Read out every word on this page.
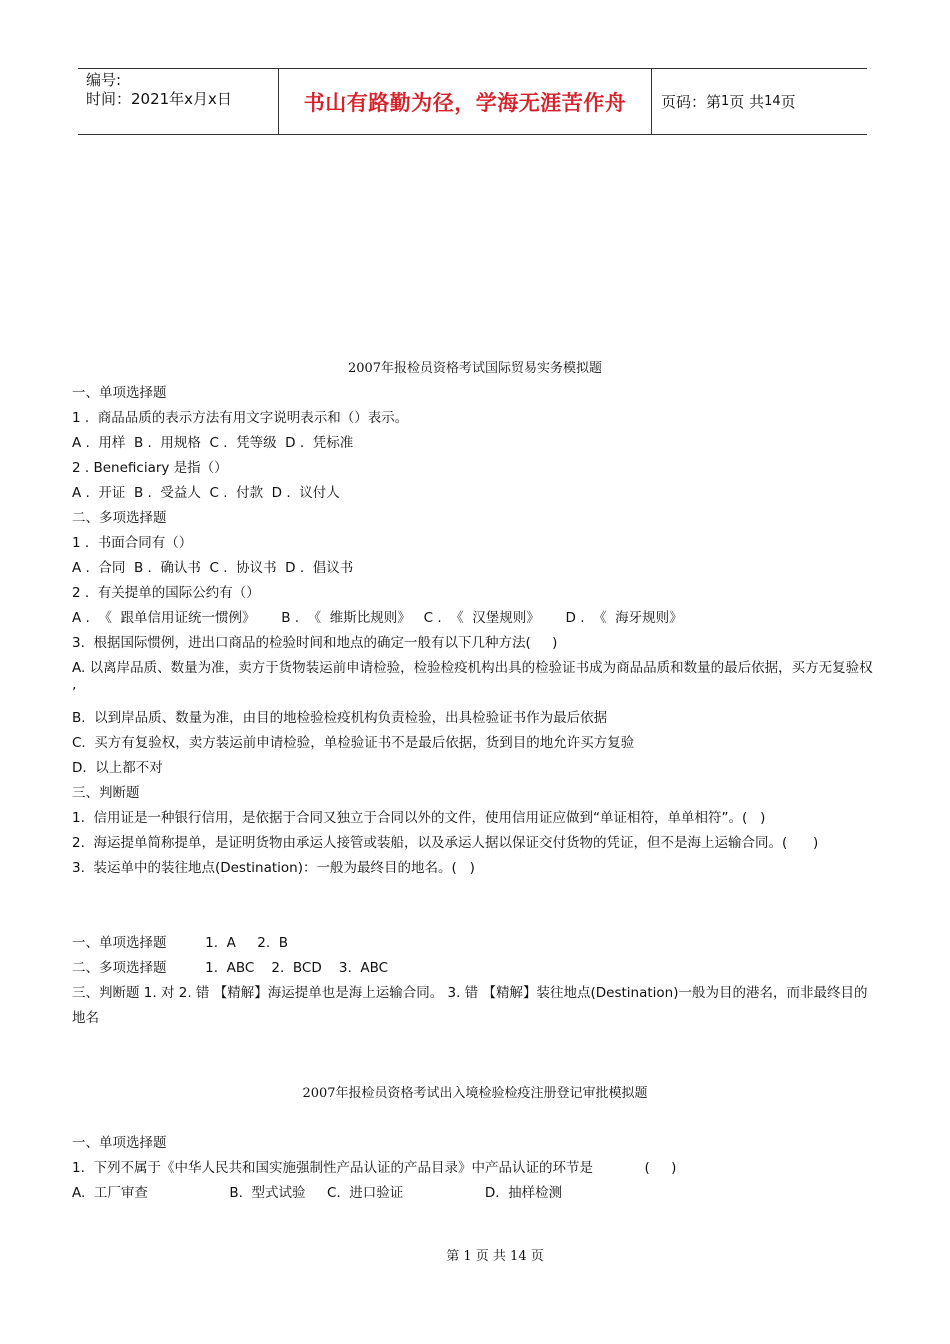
编号:
时间：2021年x月x日	书山有路勤为径，学海无涯苦作舟 页码：第 1 页 共 14 页
2007年报检员资格考试国际贸易实务模拟题
一、单项选择题
1 .  商品品质的表示方法有用文字说明表示和（）表示。
A .  用样  B .  用规格  C .  凭等级  D .  凭标准
2 . Beneficiary 是指（）
A .  开证  B .  受益人  C .  付款  D .  议付人
二、多项选择题
1 .  书面合同有（）
A .  合同  B .  确认书  C .  协议书  D .  倡议书
2 .  有关提单的国际公约有（）
A .  《  跟单信用证统一惯例》      B .  《  维斯比规则》   C .  《  汉堡规则》      D .  《  海牙规则》
3.  根据国际惯例，进出口商品的检验时间和地点的确定一般有以下几种方法(     )
A. 以离岸品质、数量为准，卖方于货物装运前申请检验，检验检疫机构出具的检验证书成为商品品质和数量的最后依据，买方无复验权 ’
B.  以到岸品质、数量为准，由目的地检验检疫机构负责检验，出具检验证书作为最后依据
C.  买方有复验权，卖方装运前申请检验，单检验证书不是最后依据，货到目的地允许买方复验
D.  以上都不对
三、判断题
1.  信用证是一种银行信用，是依据于合同又独立于合同以外的文件，使用信用证应做到“单证相符，单单相符”。(   )
2.  海运提单简称提单，是证明货物由承运人接管或装船，以及承运人据以保证交付货物的凭证，但不是海上运输合同。(      )
3.  装运单中的装往地点(Destination)：一般为最终目的地名。(   )
一、单项选择题         1.  A     2.  B
二、多项选择题         1.  ABC    2.  BCD    3.  ABC
三、判断题 1. 对 2. 错 【精解】海运提单也是海上运输合同。 3. 错 【精解】装往地点(Destination)一般为目的港名，而非最终目的地名
2007年报检员资格考试出入境检验检疫注册登记审批模拟题
一、单项选择题
1.  下列不属于《中华人民共和国实施强制性产品认证的产品目录》中产品认证的环节是            (     )
A.  工厂审查                   B.  型式试验     C.  进口验证                   D.  抽样检测
第 1 页 共 14 页
